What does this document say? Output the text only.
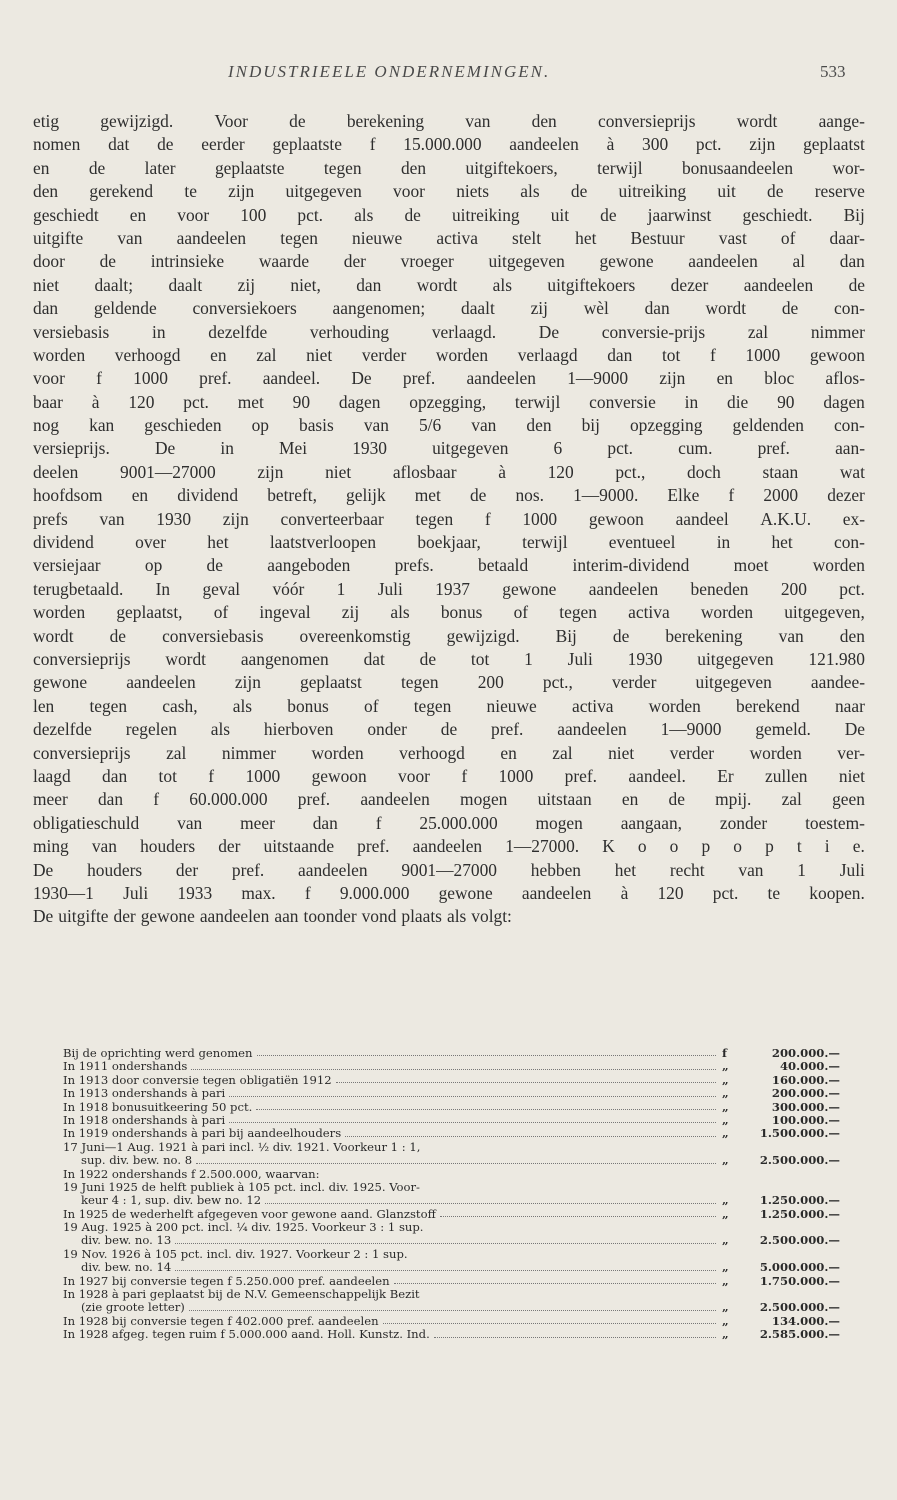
INDUSTRIEELE ONDERNEMINGEN.	533
etig gewijzigd. Voor de berekening van den conversieprijs wordt aange-
nomen dat de eerder geplaatste f 15.000.000 aandeelen à 300 pct. zijn geplaatst
en de later geplaatste tegen den uitgiftekoers, terwijl bonusaandeelen wor-
den gerekend te zijn uitgegeven voor niets als de uitreiking uit de reserve
geschiedt en voor 100 pct. als de uitreiking uit de jaarwinst geschiedt. Bij
uitgifte van aandeelen tegen nieuwe activa stelt het Bestuur vast of daar-
door de intrinsieke waarde der vroeger uitgegeven gewone aandeelen al dan
niet daalt; daalt zij niet, dan wordt als uitgiftekoers dezer aandeelen de
dan geldende conversiekoers aangenomen; daalt zij wèl dan wordt de con-
versiebasis in dezelfde verhouding verlaagd. De conversie-prijs zal nimmer
worden verhoogd en zal niet verder worden verlaagd dan tot f 1000 gewoon
voor f 1000 pref. aandeel. De pref. aandeelen 1—9000 zijn en bloc aflos-
baar à 120 pct. met 90 dagen opzegging, terwijl conversie in die 90 dagen
nog kan geschieden op basis van 5/6 van den bij opzegging geldenden con-
versieprijs.	De	in	Mei	1930	uitgegeven	6	pct.	cum.	pref.	aan-
deelen 9001—27000 zijn niet aflosbaar à 120 pct., doch staan wat
hoofdsom en dividend betreft, gelijk met de nos. 1—9000. Elke f 2000 dezer
prefs van 1930 zijn converteerbaar tegen f 1000 gewoon aandeel A.K.U. ex-
dividend over het laatstverloopen boekjaar, terwijl eventueel in het con-
versiejaar	op	de	aangeboden	prefs.	betaald	interim-dividend	moet	worden
terugbetaald. In geval vóór 1 Juli 1937 gewone aandeelen beneden 200 pct.
worden geplaatst, of ingeval zij als bonus of tegen activa worden uitgegeven,
wordt de conversiebasis overeenkomstig gewijzigd. Bij de berekening van den
conversieprijs wordt aangenomen dat de tot 1 Juli 1930 uitgegeven 121.980
gewone aandeelen zijn geplaatst tegen 200 pct., verder uitgegeven aandee-
len tegen cash, als bonus of tegen nieuwe activa worden berekend naar
dezelfde regelen als hierboven onder de pref. aandeelen 1—9000 gemeld. De
conversieprijs zal nimmer worden verhoogd en zal niet verder worden ver-
laagd dan tot f 1000 gewoon voor f 1000 pref. aandeel. Er zullen niet
meer dan f 60.000.000 pref. aandeelen mogen uitstaan en de mpij. zal geen
obligatieschuld van meer dan f 25.000.000 mogen aangaan, zonder toestem-
ming van houders der uitstaande pref. aandeelen 1—27000. K o o p o p t i e.
De houders der pref. aandeelen 9001—27000 hebben het recht van 1 Juli
1930—1 Juli 1933 max. f 9.000.000 gewone aandeelen à 120 pct. te koopen.
De uitgifte der gewone aandeelen aan toonder vond plaats als volgt:
Bij de oprichting werd genomen	f	200.000.—
In 1911 ondershands	„	40.000.—
In 1913 door conversie tegen obligatiën 1912	„	160.000.—
In 1913 ondershands à pari	„	200.000.—
In 1918 bonusuitkeering 50 pct.	„	300.000.—
In 1918 ondershands à pari	„	100.000.—
In 1919 ondershands à pari bij aandeelhouders	„	1.500.000.—
17 Juni—1 Aug. 1921 à pari incl. ½ div. 1921. Voorkeur 1 : 1,
sup. div. bew. no. 8	„	2.500.000.—
In 1922 ondershands f 2.500.000, waarvan:
19 Juni 1925 de helft publiek à 105 pct. incl. div. 1925. Voor-
keur 4 : 1, sup. div. bew no. 12	„	1.250.000.—
In 1925 de wederhelft afgegeven voor gewone aand. Glanzstoff	„	1.250.000.—
19 Aug. 1925 à 200 pct. incl. ¼ div. 1925. Voorkeur 3 : 1 sup.
div. bew. no. 13	„	2.500.000.—
19 Nov. 1926 à 105 pct. incl. div. 1927. Voorkeur 2 : 1 sup.
div. bew. no. 14	„	5.000.000.—
In 1927 bij conversie tegen f 5.250.000 pref. aandeelen	„	1.750.000.—
In 1928 à pari geplaatst bij de N.V. Gemeenschappelijk Bezit
(zie groote letter)	„	2.500.000.—
In 1928 bij conversie tegen f 402.000 pref. aandeelen	„	134.000.—
In 1928 afgeg. tegen ruim f 5.000.000 aand. Holl. Kunstz. Ind.	„	2.585.000.—
